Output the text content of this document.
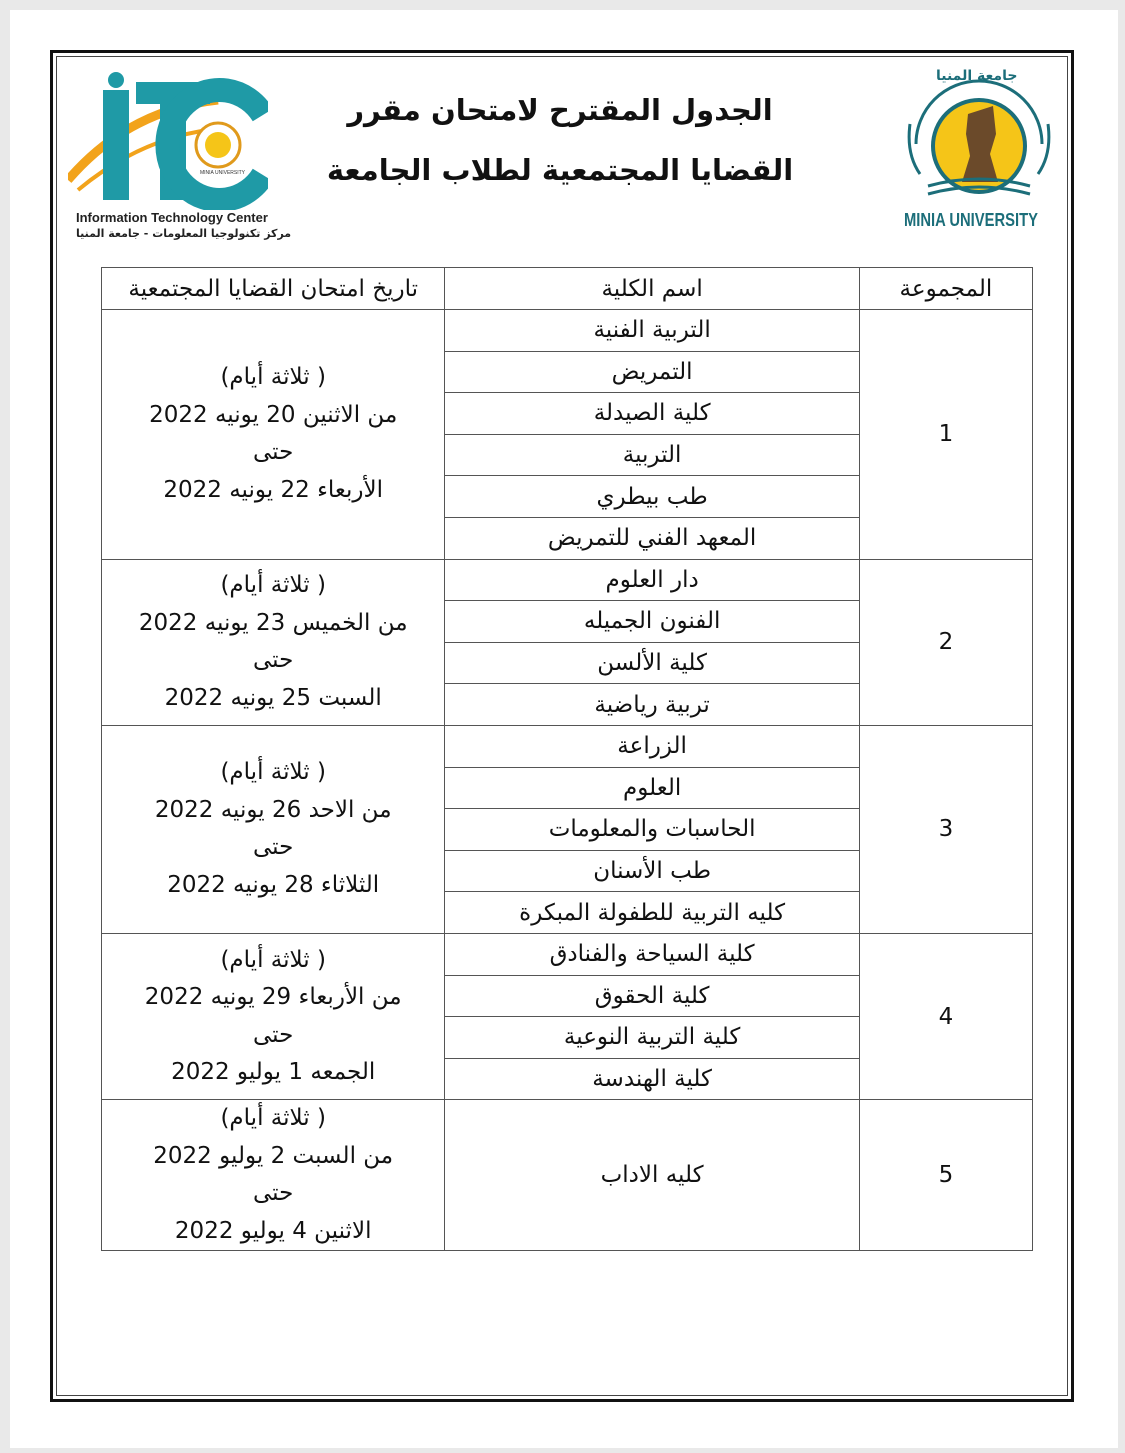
MINIA UNIVERSITY
Information Technology Center
مركز تكنولوجيا المعلومات - جامعة المنيا
الجدول المقترح لامتحان مقرر
القضايا المجتمعية لطلاب الجامعة
جامعة المنيا
MINIA UNIVERSITY
المجموعة	اسم الكلية	تاريخ امتحان القضايا المجتمعية
1	التربية الفنية	( ثلاثة أيام)
من الاثنين 20 يونيه 2022
حتى
الأربعاء 22 يونيه 2022

	التمريض	
	كلية الصيدلة	
	التربية	
	طب بيطري	
	المعهد الفني للتمريض	
2	دار العلوم	( ثلاثة أيام)
من الخميس 23 يونيه 2022
حتى
السبت 25 يونيه 2022

	الفنون الجميله	
	كلية الألسن	
	تربية رياضية	
3	الزراعة	( ثلاثة أيام)
من الاحد 26 يونيه 2022
حتى
الثلاثاء 28 يونيه 2022

	العلوم	
	الحاسبات والمعلومات	
	طب الأسنان	
	كليه التربية للطفولة المبكرة	
4	كلية السياحة والفنادق	( ثلاثة أيام)
من الأربعاء 29 يونيه 2022
حتى
الجمعه 1 يوليو 2022

	كلية الحقوق	
	كلية التربية النوعية	
	كلية الهندسة	
5	كليه الاداب	( ثلاثة أيام)
من السبت 2 يوليو 2022
حتى
الاثنين 4 يوليو 2022
